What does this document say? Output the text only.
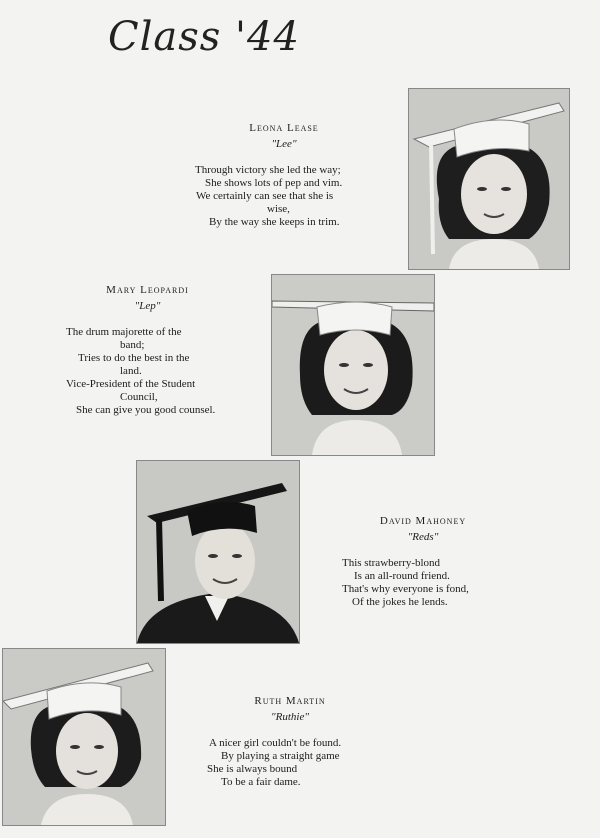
Class '44
Leona Lease
"Lee"
Through victory she led the way;
She shows lots of pep and vim.
We certainly can see that she is
wise,
By the way she keeps in trim.
Mary Leopardi
"Lep"
The drum majorette of the
band;
Tries to do the best in the
land.
Vice-President of the Student
Council,
She can give you good counsel.
David Mahoney
"Reds"
This strawberry-blond
Is an all-round friend.
That's why everyone is fond,
Of the jokes he lends.
Ruth Martin
"Ruthie"
A nicer girl couldn't be found.
By playing a straight game
She is always bound
To be a fair dame.
